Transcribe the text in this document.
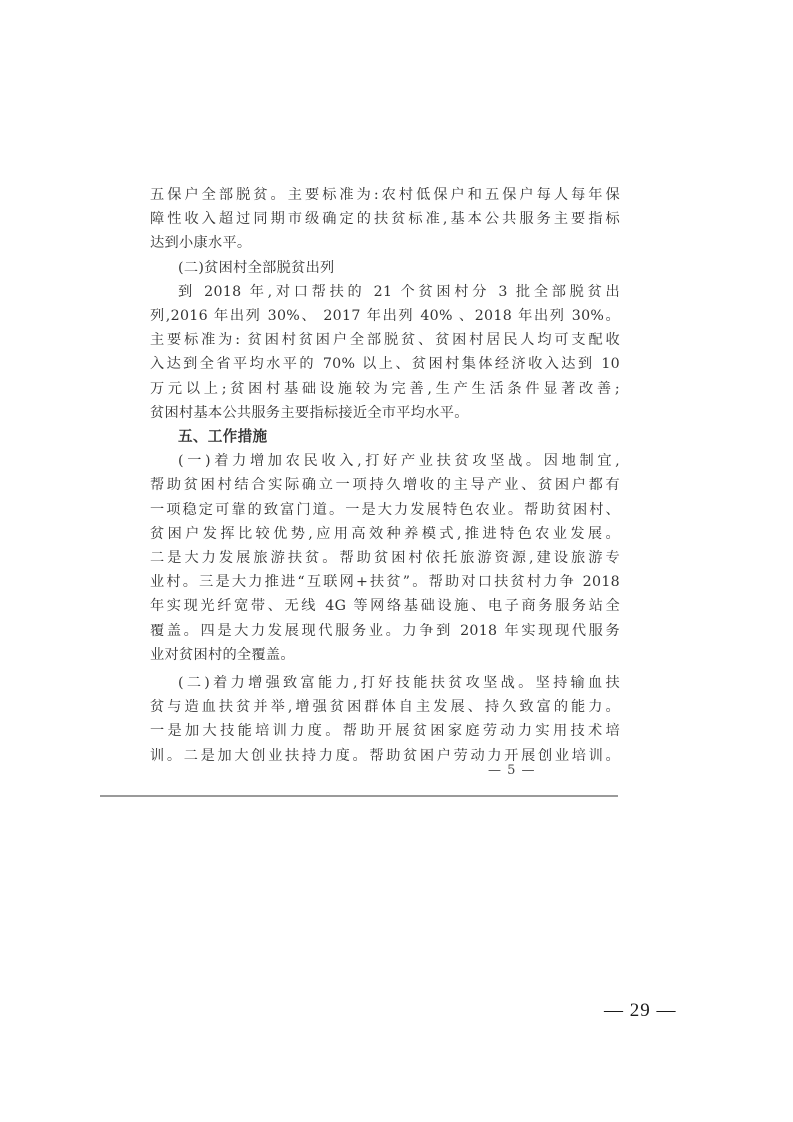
五保户全部脱贫。主要标准为:农村低保户和五保户每人每年保

障性收入超过同期市级确定的扶贫标准,基本公共服务主要指标

达到小康水平。

(二)贫困村全部脱贫出列

到 2018 年,对口帮扶的 21 个贫困村分 3 批全部脱贫出

列,2016 年出列 30%、 2017 年出列 40% 、2018 年出列 30%。

主要标准为: 贫困村贫困户全部脱贫、贫困村居民人均可支配收

入达到全省平均水平的 70% 以上、贫困村集体经济收入达到 10

万元以上;贫困村基础设施较为完善,生产生活条件显著改善;

贫困村基本公共服务主要指标接近全市平均水平。

五、工作措施

(一)着力增加农民收入,打好产业扶贫攻坚战。因地制宜,

帮助贫困村结合实际确立一项持久增收的主导产业、贫困户都有

一项稳定可靠的致富门道。一是大力发展特色农业。帮助贫困村、

贫困户发挥比较优势,应用高效种养模式,推进特色农业发展。

二是大力发展旅游扶贫。帮助贫困村依托旅游资源,建设旅游专

业村。三是大力推进“互联网+扶贫”。帮助对口扶贫村力争 2018

年实现光纤宽带、无线 4G 等网络基础设施、电子商务服务站全

覆盖。四是大力发展现代服务业。力争到 2018 年实现现代服务

业对贫困村的全覆盖。

(二)着力增强致富能力,打好技能扶贫攻坚战。坚持输血扶

贫与造血扶贫并举,增强贫困群体自主发展、持久致富的能力。

一是加大技能培训力度。帮助开展贫困家庭劳动力实用技术培

训。二是加大创业扶持力度。帮助贫困户劳动力开展创业培训。

— 5 —
— 29 —
